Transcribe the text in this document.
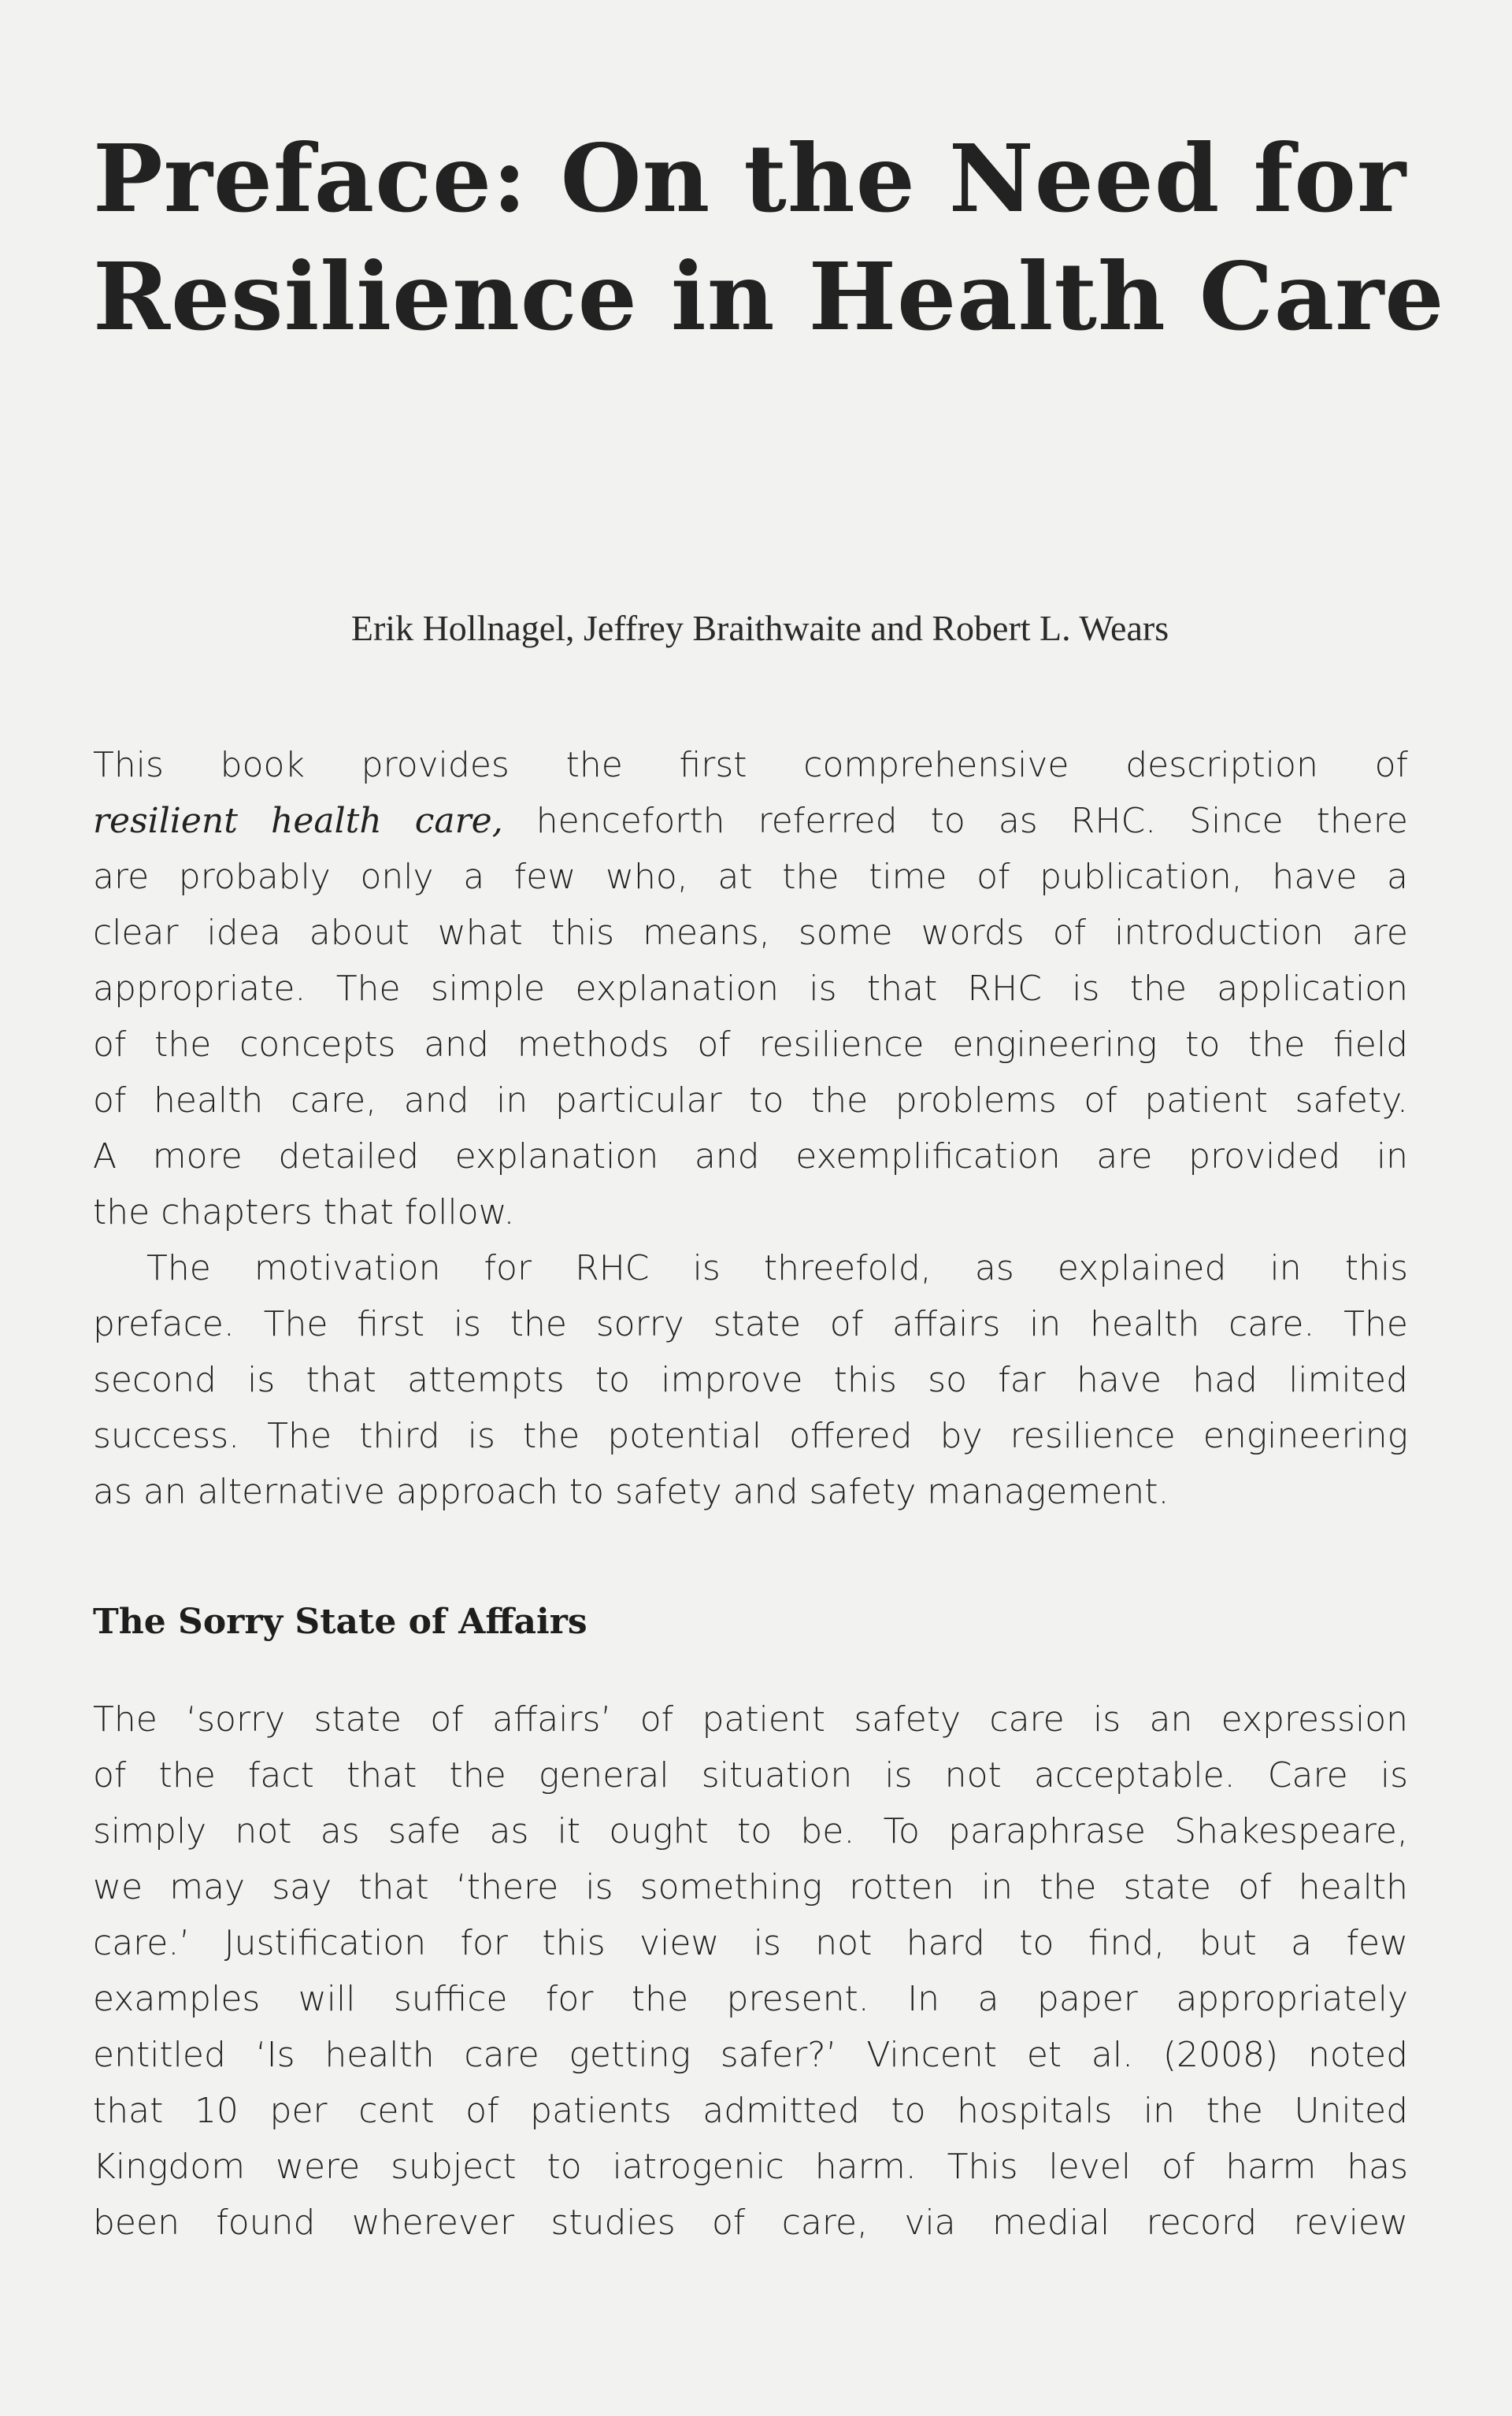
Preface: On the Need for
Resilience in Health Care
Erik Hollnagel, Jeffrey Braithwaite and Robert L. Wears
This book provides the first comprehensive description of
resilient health care, henceforth referred to as RHC. Since there
are probably only a few who, at the time of publication, have a
clear idea about what this means, some words of introduction are
appropriate. The simple explanation is that RHC is the application
of the concepts and methods of resilience engineering to the field
of health care, and in particular to the problems of patient safety.
A more detailed explanation and exemplification are provided in
the chapters that follow.
The motivation for RHC is threefold, as explained in this
preface. The first is the sorry state of affairs in health care. The
second is that attempts to improve this so far have had limited
success. The third is the potential offered by resilience engineering
as an alternative approach to safety and safety management.
The Sorry State of Affairs
The ‘sorry state of affairs’ of patient safety care is an expression
of the fact that the general situation is not acceptable. Care is
simply not as safe as it ought to be. To paraphrase Shakespeare,
we may say that ‘there is something rotten in the state of health
care.’ Justification for this view is not hard to find, but a few
examples will suffice for the present. In a paper appropriately
entitled ‘Is health care getting safer?’ Vincent et al. (2008) noted
that 10 per cent of patients admitted to hospitals in the United
Kingdom were subject to iatrogenic harm. This level of harm has
been found wherever studies of care, via medial record review
